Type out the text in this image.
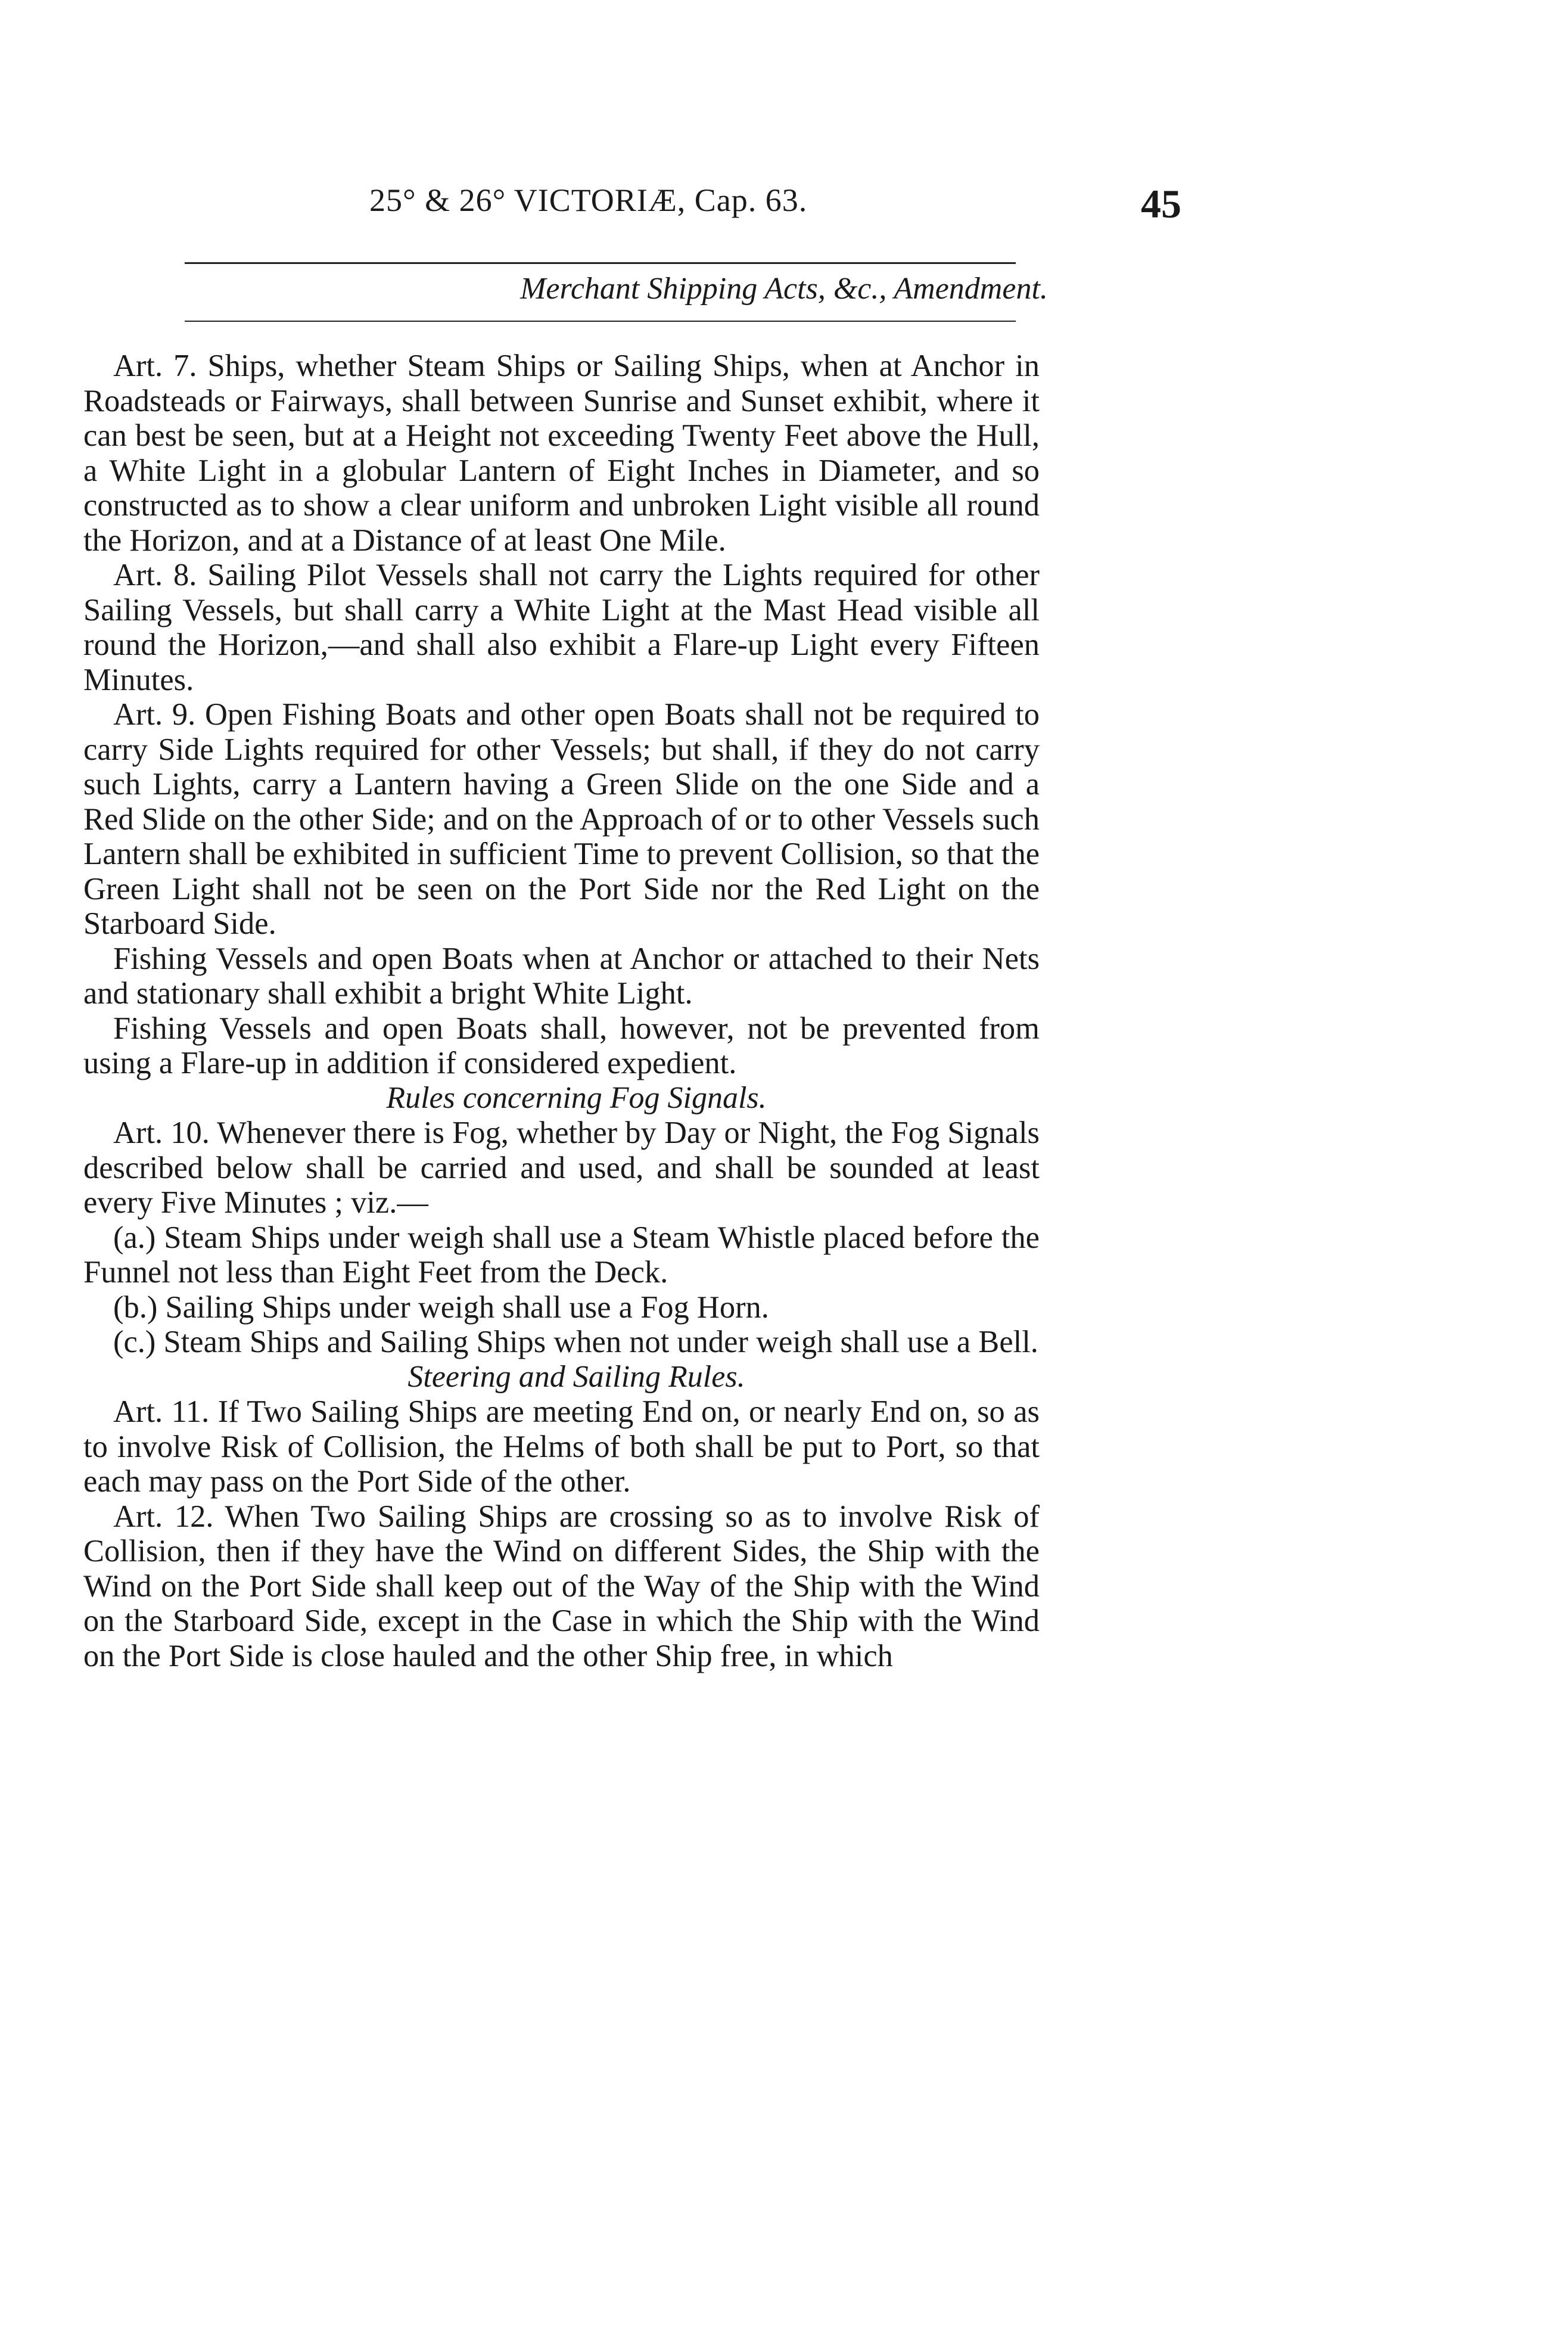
25° & 26° VICTORIÆ, Cap. 63.	45
Merchant Shipping Acts, &c., Amendment.

Art. 7. Ships, whether Steam Ships or Sailing Ships, when at Anchor in Roadsteads or Fairways, shall between Sunrise and Sunset exhibit, where it can best be seen, but at a Height not exceeding Twenty Feet above the Hull, a White Light in a globular Lantern of Eight Inches in Diameter, and so constructed as to show a clear uniform and unbroken Light visible all round the Horizon, and at a Distance of at least One Mile.

Art. 8. Sailing Pilot Vessels shall not carry the Lights required for other Sailing Vessels, but shall carry a White Light at the Mast Head visible all round the Horizon,—and shall also exhibit a Flare-up Light every Fifteen Minutes.

Art. 9. Open Fishing Boats and other open Boats shall not be required to carry Side Lights required for other Vessels; but shall, if they do not carry such Lights, carry a Lantern having a Green Slide on the one Side and a Red Slide on the other Side; and on the Approach of or to other Vessels such Lantern shall be exhibited in sufficient Time to prevent Collision, so that the Green Light shall not be seen on the Port Side nor the Red Light on the Starboard Side.

Fishing Vessels and open Boats when at Anchor or attached to their Nets and stationary shall exhibit a bright White Light.

Fishing Vessels and open Boats shall, however, not be prevented from using a Flare-up in addition if considered expedient.

Rules concerning Fog Signals.

Art. 10. Whenever there is Fog, whether by Day or Night, the Fog Signals described below shall be carried and used, and shall be sounded at least every Five Minutes ; viz.—

(a.) Steam Ships under weigh shall use a Steam Whistle placed before the Funnel not less than Eight Feet from the Deck.

(b.) Sailing Ships under weigh shall use a Fog Horn.

(c.) Steam Ships and Sailing Ships when not under weigh shall use a Bell.

Steering and Sailing Rules.

Art. 11. If Two Sailing Ships are meeting End on, or nearly End on, so as to involve Risk of Collision, the Helms of both shall be put to Port, so that each may pass on the Port Side of the other.

Art. 12. When Two Sailing Ships are crossing so as to involve Risk of Collision, then if they have the Wind on different Sides, the Ship with the Wind on the Port Side shall keep out of the Way of the Ship with the Wind on the Starboard Side, except in the Case in which the Ship with the Wind on the Port Side is close hauled and the other Ship free, in which
